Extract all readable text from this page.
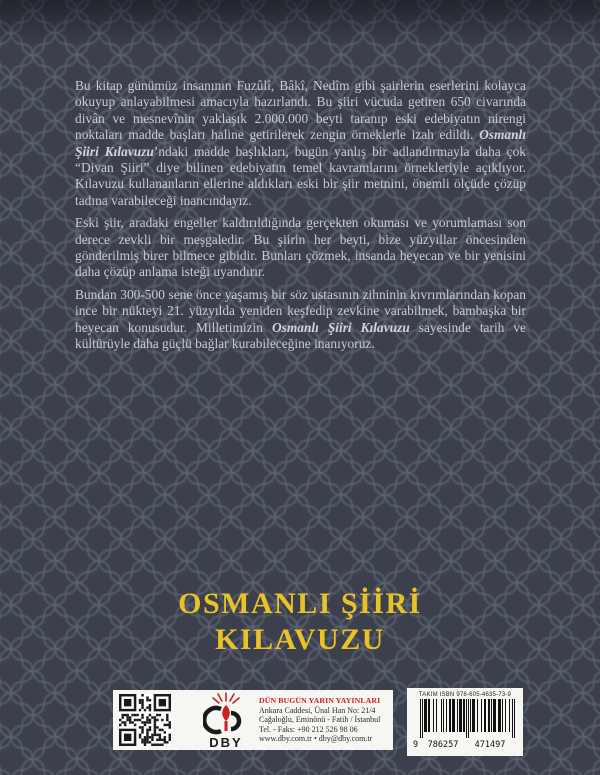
Bu kitap günümüz insanının Fuzûlî, Bâkî, Nedîm gibi şairlerin eserlerini kolayca okuyup anlayabilmesi amacıyla hazırlandı. Bu şiiri vücuda getiren 650 civarında divân ve mesnevînin yaklaşık 2.000.000 beyti taranıp eski edebiyatın nirengi noktaları madde başları haline getirilerek zengin örneklerle izah edildi. Osmanlı Şiiri Kılavuzu’ndaki madde başlıkları, bugün yanlış bir adlandırmayla daha çok “Divan Şiiri” diye bilinen edebiyatın temel kavramlarını örnekleriyle açıklıyor. Kılavuzu kullananların ellerine aldıkları eski bir şiir metnini, önemli ölçüde çözüp tadına varabileceği inancındayız.

Eski şiir, aradaki engeller kaldırıldığında gerçekten okuması ve yorumlaması son derece zevkli bir meşgaledir. Bu şiirin her beyti, bize yüzyıllar öncesinden gönderilmiş birer bilmece gibidir. Bunları çözmek, insanda heyecan ve bir yenisini daha çözüp anlama isteği uyandırır.

Bundan 300-500 sene önce yaşamış bir söz ustasının zihninin kıvrımlarından kopan ince bir nükteyi 21. yüzyılda yeniden keşfedip zevkine varabilmek, bambaşka bir heyecan konusudur. Milletimizin Osmanlı Şiiri Kılavuzu sayesinde tarih ve kültürüyle daha güçlü bağlar kurabileceğine inanıyoruz.

OSMANLI ŞİİRİ
KILAVUZU
DBY
DÜN BUGÜN YARIN YAYINLARI
Ankara Caddesi, Ünal Han No: 21/4
Cağaloğlu, Eminönü - Fatih / İstanbul
Tel. - Faks: +90 212 526 98 06
www.dby.com.tr • dby@dby.com.tr
TAKIM ISBN 978-605-4635-73-9
9 786257 471497
